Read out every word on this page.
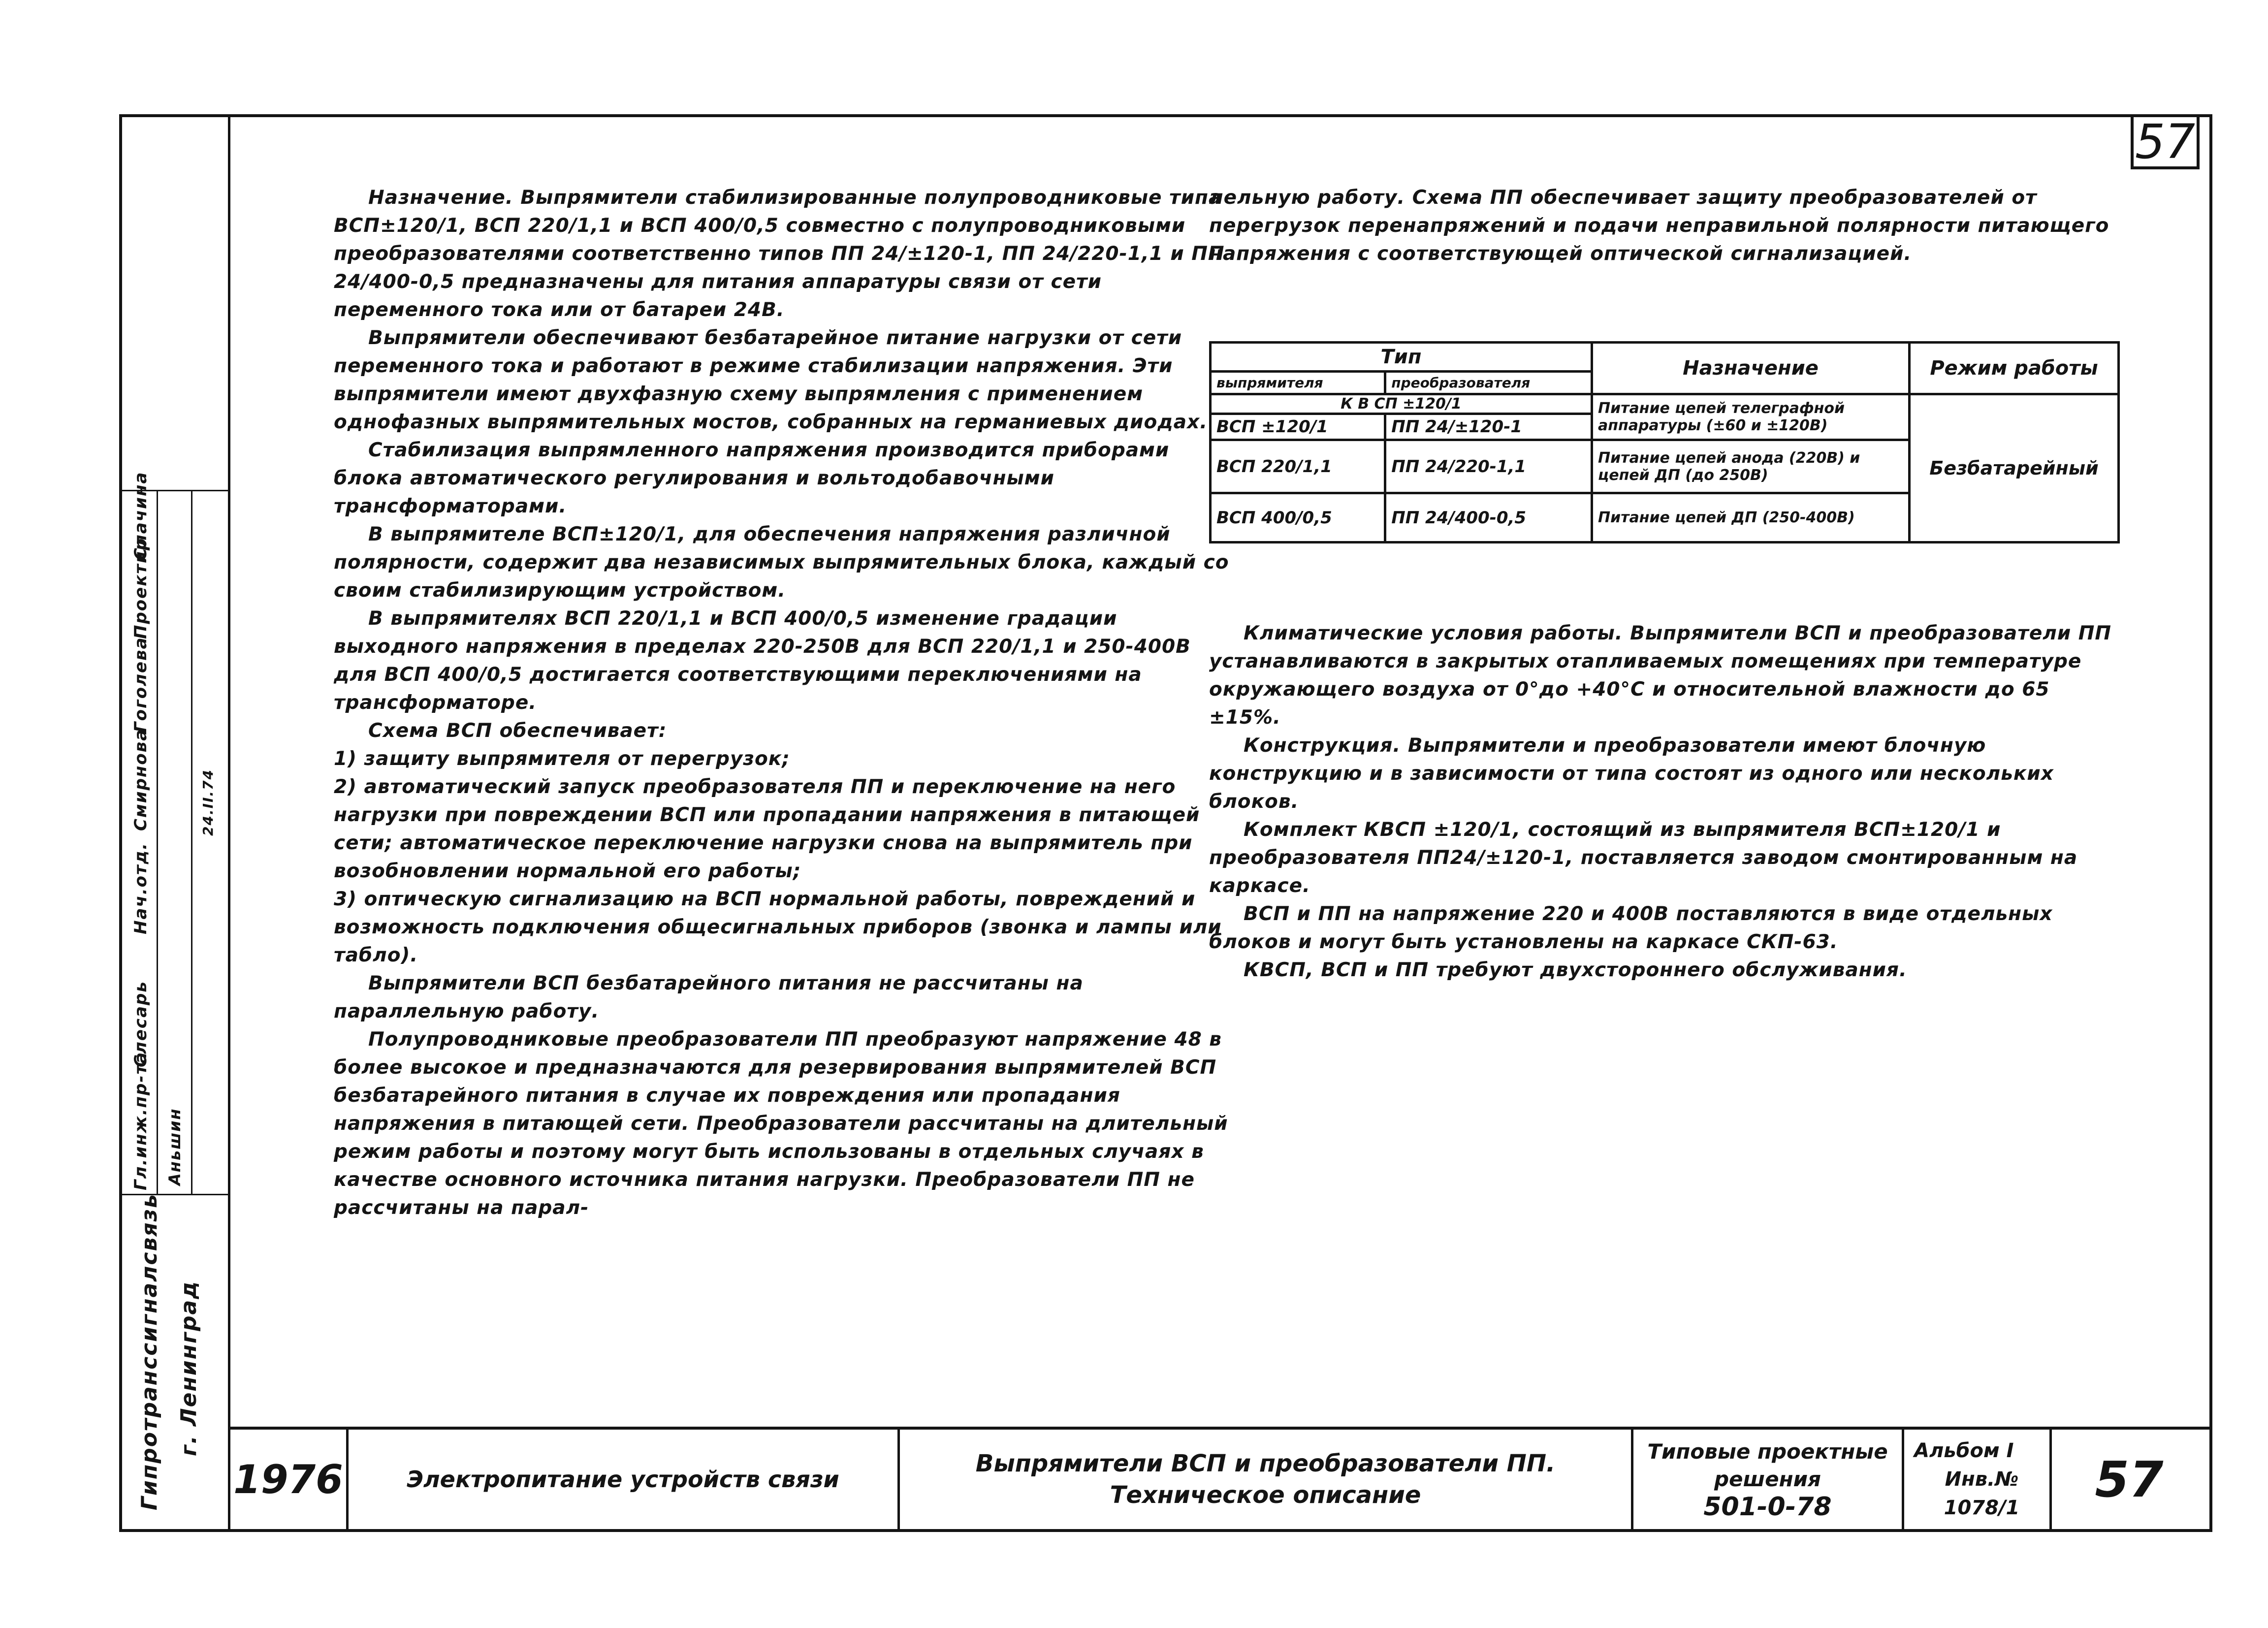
57
Гл.инж.пр-та
Слесарь
Нач.отд.
Смирнова
Гоголева
Проектир
Слачина
Аньшин
24.II.74
Гипротранссигналсвязь г. Ленинград

Назначение. Выпрямители стабилизированные полупроводниковые типа ВСП±120/1, ВСП 220/1,1 и ВСП 400/0,5 совместно с полупроводниковыми преобразователями соответственно типов ПП 24/±120-1, ПП 24/220-1,1 и ПП 24/400-0,5 предназначены для питания аппаратуры связи от сети переменного тока или от батареи 24В.

Выпрямители обеспечивают безбатарейное питание нагрузки от сети переменного тока и работают в режиме стабилизации напряжения. Эти выпрямители имеют двухфазную схему выпрямления с применением однофазных выпрямительных мостов, собранных на германиевых диодах.

Стабилизация выпрямленного напряжения производится приборами блока автоматического регулирования и вольтодобавочными трансформаторами.

В выпрямителе ВСП±120/1, для обеспечения напряжения различной полярности, содержит два независимых выпрямительных блока, каждый со своим стабилизирующим устройством.

В выпрямителях ВСП 220/1,1 и ВСП 400/0,5 изменение градации выходного напряжения в пределах 220-250В для ВСП 220/1,1 и 250-400В для ВСП 400/0,5 достигается соответствующими переключениями на трансформаторе.

Схема ВСП обеспечивает:

1) защиту выпрямителя от перегрузок;

2) автоматический запуск преобразователя ПП и переключение на него нагрузки при повреждении ВСП или пропадании напряжения в питающей сети; автоматическое переключение нагрузки снова на выпрямитель при возобновлении нормальной его работы;

3) оптическую сигнализацию на ВСП нормальной работы, повреждений и возможность подключения общесигнальных приборов (звонка и лампы или табло).

Выпрямители ВСП безбатарейного питания не рассчитаны на параллельную работу.

Полупроводниковые преобразователи ПП преобразуют напряжение 48 в более высокое и предназначаются для резервирования выпрямителей ВСП безбатарейного питания в случае их повреждения или пропадания напряжения в питающей сети. Преобразователи рассчитаны на длительный режим работы и поэтому могут быть использованы в отдельных случаях в качестве основного источника питания нагрузки. Преобразователи ПП не рассчитаны на парал-

лельную работу. Схема ПП обеспечивает защиту преобразователей от перегрузок перенапряжений и подачи неправильной полярности питающего напряжения с соответствующей оптической сигнализацией.

Тип		Назначение	Режим работы
выпрямителя	преобразователя		
К В СП ±120/1		Питание цепей телеграфной аппаратуры (±60 и ±120В)	Безбатарейный
ВСП ±120/1	ПП 24/±120-1		
ВСП 220/1,1	ПП 24/220-1,1	Питание цепей анода (220В) и цепей ДП (до 250В)	
ВСП 400/0,5	ПП 24/400-0,5	Питание цепей ДП (250-400В)	

Климатические условия работы. Выпрямители ВСП и преобразователи ПП устанавливаются в закрытых отапливаемых помещениях при температуре окружающего воздуха от 0°до +40°С и относительной влажности до 65 ±15%.

Конструкция. Выпрямители и преобразователи имеют блочную конструкцию и в зависимости от типа состоят из одного или нескольких блоков.

Комплект КВСП ±120/1, состоящий из выпрямителя ВСП±120/1 и преобразователя ПП24/±120-1, поставляется заводом смонтированным на каркасе.

ВСП и ПП на напряжение 220 и 400В поставляются в виде отдельных блоков и могут быть установлены на каркасе СКП-63.

КВСП, ВСП и ПП требуют двухстороннего обслуживания.

1976	Электропитание устройств связи
Выпрямители ВСП и преобразователи ПП.
Техническое описание
Типовые проектные
решения
501-0-78
Альбом I
Инв.№ 1078/1	57
